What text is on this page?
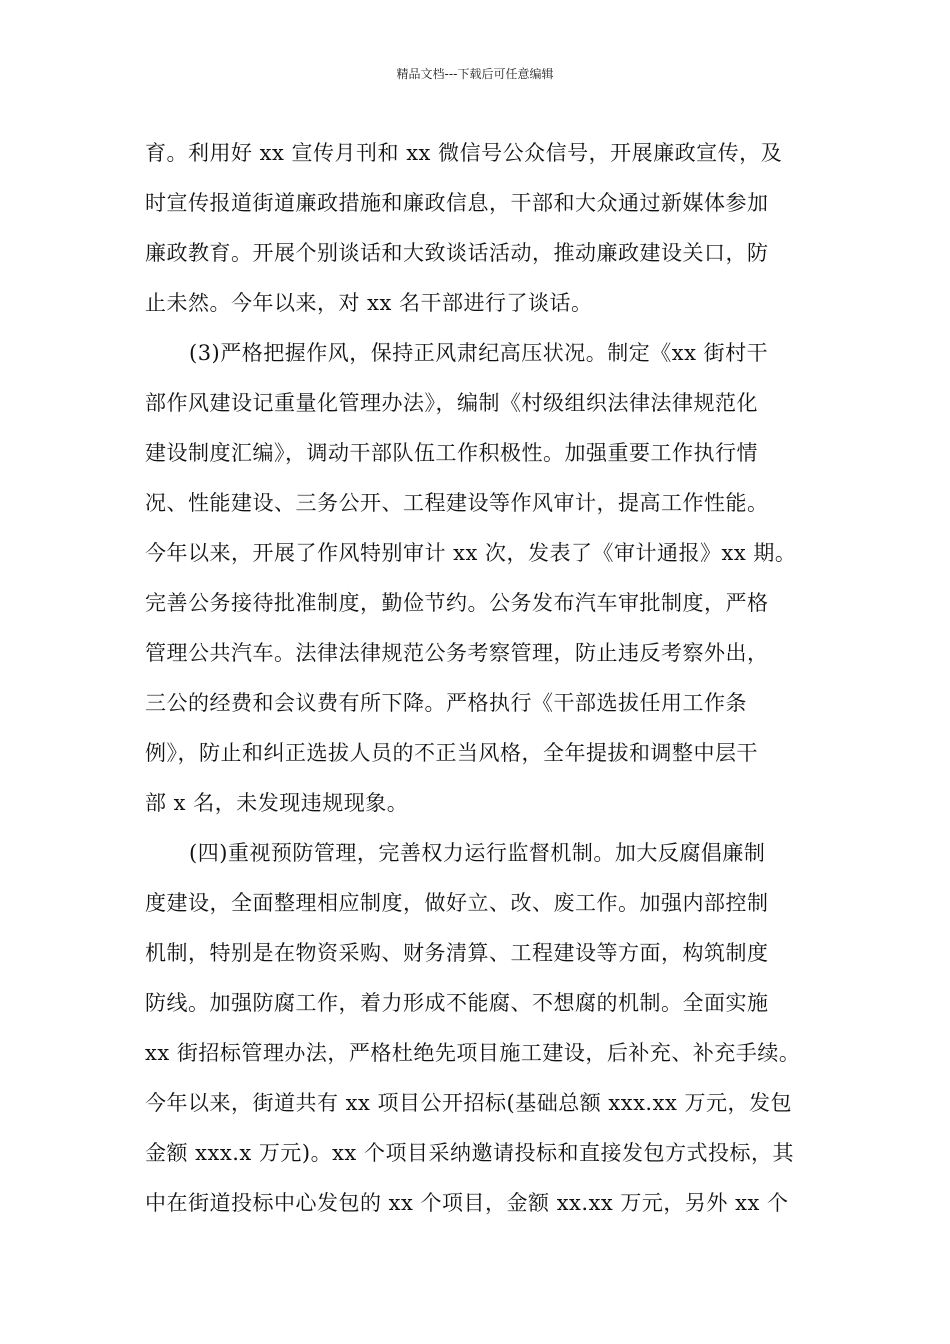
精品文档---下载后可任意编辑
育。利用好 xx 宣传月刊和 xx 微信号公众信号，开展廉政宣传，及
时宣传报道街道廉政措施和廉政信息，干部和大众通过新媒体参加
廉政教育。开展个别谈话和大致谈话活动，推动廉政建设关口，防
止未然。今年以来，对 xx 名干部进行了谈话。
(3)严格把握作风，保持正风肃纪高压状况。制定《xx 街村干
部作风建设记重量化管理办法》，编制《村级组织法律法律规范化
建设制度汇编》，调动干部队伍工作积极性。加强重要工作执行情
况、性能建设、三务公开、工程建设等作风审计，提高工作性能。
今年以来，开展了作风特别审计 xx 次，发表了《审计通报》xx 期。
完善公务接待批准制度，勤俭节约。公务发布汽车审批制度，严格
管理公共汽车。法律法律规范公务考察管理，防止违反考察外出，
三公的经费和会议费有所下降。严格执行《干部选拔任用工作条
例》，防止和纠正选拔人员的不正当风格，全年提拔和调整中层干
部 x 名，未发现违规现象。
(四)重视预防管理，完善权力运行监督机制。加大反腐倡廉制
度建设，全面整理相应制度，做好立、改、废工作。加强内部控制
机制，特别是在物资采购、财务清算、工程建设等方面，构筑制度
防线。加强防腐工作，着力形成不能腐、不想腐的机制。全面实施
xx 街招标管理办法，严格杜绝先项目施工建设，后补充、补充手续。
今年以来，街道共有 xx 项目公开招标(基础总额 xxx.xx 万元，发包
金额 xxx.x 万元)。xx 个项目采纳邀请投标和直接发包方式投标，其
中在街道投标中心发包的 xx 个项目，金额 xx.xx 万元，另外 xx 个
